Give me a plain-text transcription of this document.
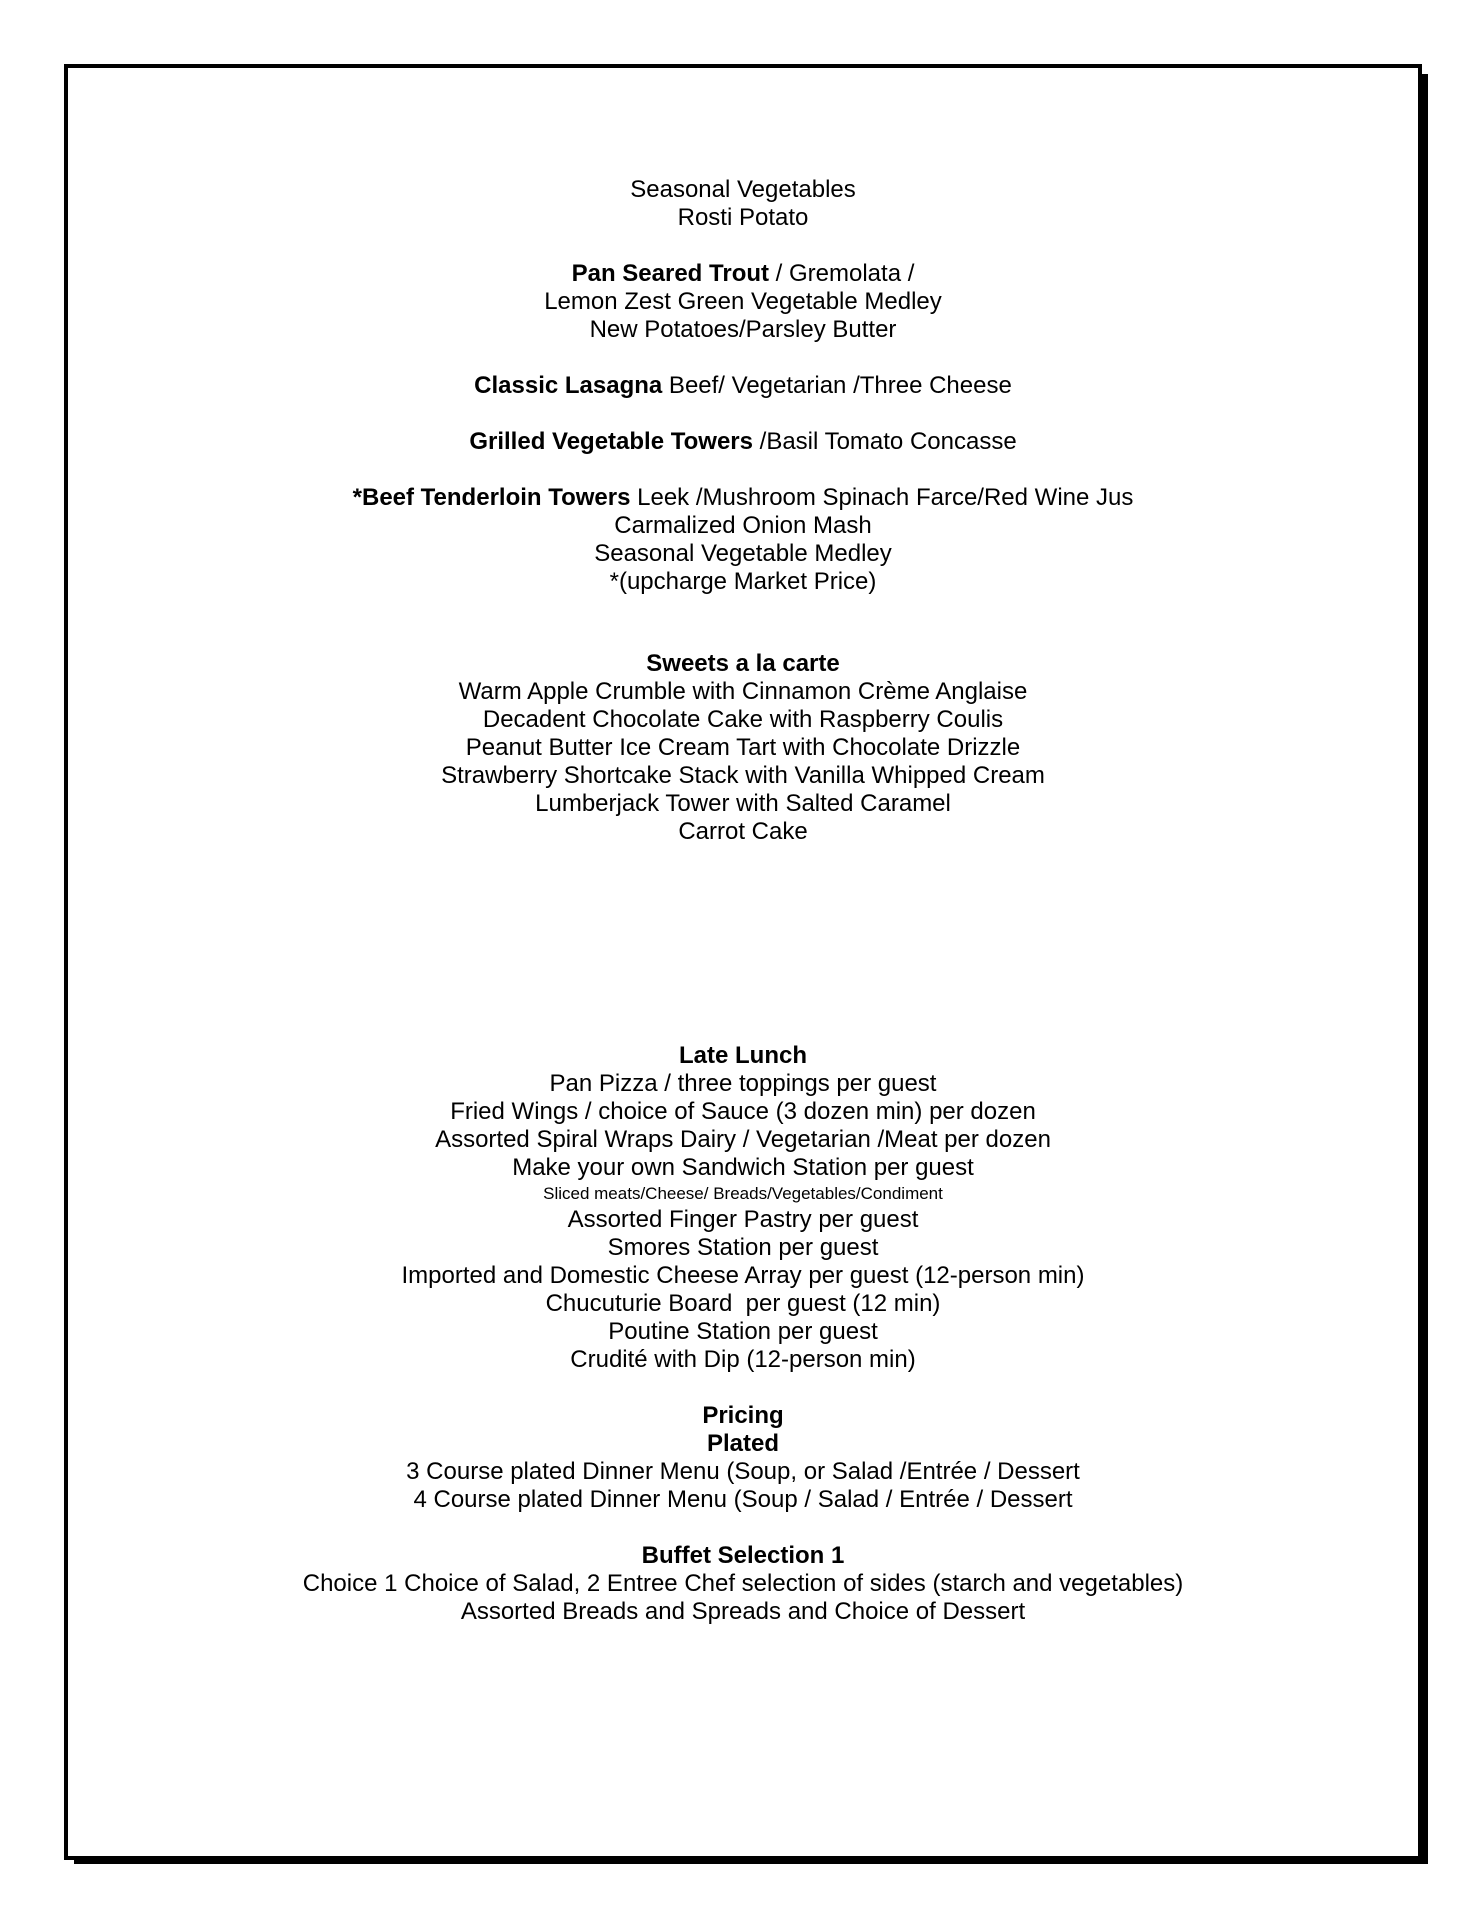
Seasonal Vegetables
Rosti Potato
Pan Seared Trout / Gremolata /
Lemon Zest Green Vegetable Medley
New Potatoes/Parsley Butter
Classic Lasagna Beef/ Vegetarian /Three Cheese
Grilled Vegetable Towers /Basil Tomato Concasse
*Beef Tenderloin Towers Leek /Mushroom Spinach Farce/Red Wine Jus
Carmalized Onion Mash
Seasonal Vegetable Medley
*(upcharge Market Price)
Sweets a la carte
Warm Apple Crumble with Cinnamon Crème Anglaise
Decadent Chocolate Cake with Raspberry Coulis
Peanut Butter Ice Cream Tart with Chocolate Drizzle
Strawberry Shortcake Stack with Vanilla Whipped Cream
Lumberjack Tower with Salted Caramel
Carrot Cake
Late Lunch
Pan Pizza / three toppings per guest
Fried Wings / choice of Sauce (3 dozen min) per dozen
Assorted Spiral Wraps Dairy / Vegetarian /Meat per dozen
Make your own Sandwich Station per guest
Sliced meats/Cheese/ Breads/Vegetables/Condiment
Assorted Finger Pastry per guest
Smores Station per guest
Imported and Domestic Cheese Array per guest (12-person min)
Chucuturie Board  per guest (12 min)
Poutine Station per guest
Crudité with Dip (12-person min)
Pricing
Plated
3 Course plated Dinner Menu (Soup, or Salad /Entrée / Dessert
4 Course plated Dinner Menu (Soup / Salad / Entrée / Dessert
Buffet Selection 1
Choice 1 Choice of Salad, 2 Entree Chef selection of sides (starch and vegetables)
Assorted Breads and Spreads and Choice of Dessert
